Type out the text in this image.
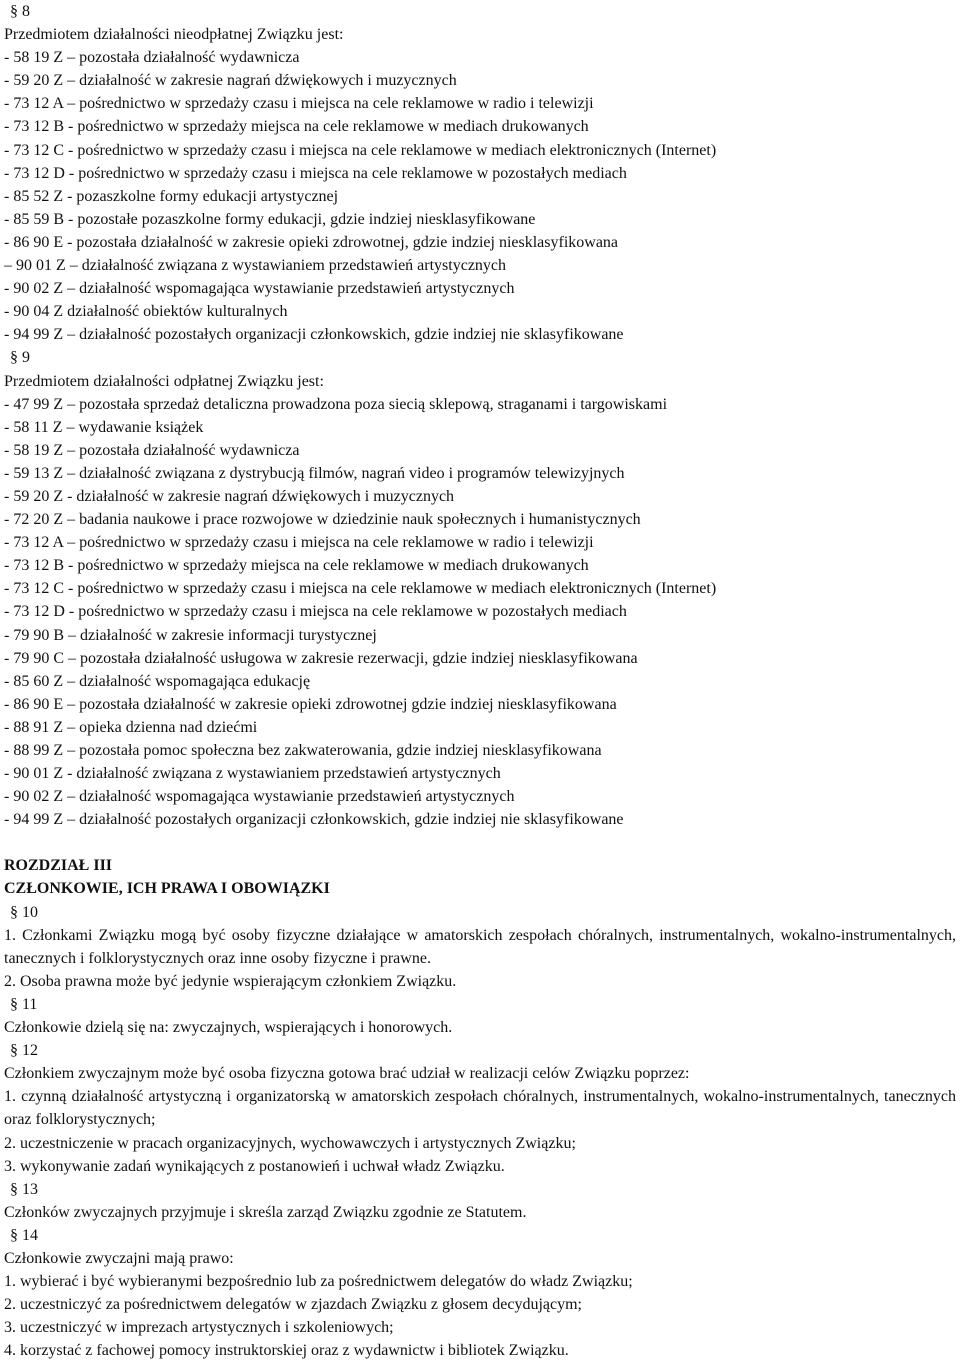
§ 8
Przedmiotem działalności nieodpłatnej Związku jest:
- 58 19 Z – pozostała działalność wydawnicza
- 59 20 Z – działalność w zakresie nagrań dźwiękowych i muzycznych
- 73 12 A – pośrednictwo w sprzedaży czasu i miejsca na cele reklamowe w radio i telewizji
- 73 12 B - pośrednictwo w sprzedaży miejsca na cele reklamowe w mediach drukowanych
- 73 12 C - pośrednictwo w sprzedaży czasu i miejsca na cele reklamowe w mediach elektronicznych (Internet)
- 73 12 D - pośrednictwo w sprzedaży czasu i miejsca na cele reklamowe w pozostałych mediach
- 85 52 Z - pozaszkolne formy edukacji artystycznej
- 85 59 B - pozostałe pozaszkolne formy edukacji, gdzie indziej niesklasyfikowane
- 86 90 E - pozostała działalność w zakresie opieki zdrowotnej, gdzie indziej niesklasyfikowana
– 90 01 Z – działalność związana z wystawianiem przedstawień artystycznych
- 90 02 Z – działalność wspomagająca wystawianie przedstawień artystycznych
- 90 04 Z działalność obiektów kulturalnych
- 94 99 Z – działalność pozostałych organizacji członkowskich, gdzie indziej nie sklasyfikowane
§ 9
Przedmiotem działalności odpłatnej Związku jest:
- 47 99 Z – pozostała sprzedaż detaliczna prowadzona poza siecią sklepową, straganami i targowiskami
- 58 11 Z – wydawanie książek
- 58 19 Z – pozostała działalność wydawnicza
- 59 13 Z – działalność związana z dystrybucją filmów, nagrań video i programów telewizyjnych
- 59 20 Z - działalność w zakresie nagrań dźwiękowych i muzycznych
- 72 20 Z – badania naukowe i prace rozwojowe w dziedzinie nauk społecznych i humanistycznych
- 73 12 A – pośrednictwo w sprzedaży czasu i miejsca na cele reklamowe w radio i telewizji
- 73 12 B - pośrednictwo w sprzedaży miejsca na cele reklamowe w mediach drukowanych
- 73 12 C - pośrednictwo w sprzedaży czasu i miejsca na cele reklamowe w mediach elektronicznych (Internet)
- 73 12 D - pośrednictwo w sprzedaży czasu i miejsca na cele reklamowe w pozostałych mediach
- 79 90 B – działalność w zakresie informacji turystycznej
- 79 90 C – pozostała działalność usługowa w zakresie rezerwacji, gdzie indziej niesklasyfikowana
- 85 60 Z – działalność wspomagająca edukację
- 86 90 E – pozostała działalność w zakresie opieki zdrowotnej gdzie indziej niesklasyfikowana
- 88 91 Z – opieka dzienna nad dziećmi
- 88 99 Z – pozostała pomoc społeczna bez zakwaterowania, gdzie indziej niesklasyfikowana
- 90 01 Z - działalność związana z wystawianiem przedstawień artystycznych
- 90 02 Z – działalność wspomagająca wystawianie przedstawień artystycznych
- 94 99 Z – działalność pozostałych organizacji członkowskich, gdzie indziej nie sklasyfikowane
ROZDZIAŁ III
CZŁONKOWIE, ICH PRAWA I OBOWIĄZKI
§ 10
1. Członkami Związku mogą być osoby fizyczne działające w amatorskich zespołach chóralnych, instrumentalnych, wokalno-instrumentalnych, tanecznych i folklorystycznych oraz inne osoby fizyczne i prawne.
2. Osoba prawna może być jedynie wspierającym członkiem Związku.
§ 11
Członkowie dzielą się na: zwyczajnych, wspierających i honorowych.
§ 12
Członkiem zwyczajnym może być osoba fizyczna gotowa brać udział w realizacji celów Związku poprzez:
1. czynną działalność artystyczną i organizatorską w amatorskich zespołach chóralnych, instrumentalnych, wokalno-instrumentalnych, tanecznych oraz folklorystycznych;
2. uczestniczenie w pracach organizacyjnych, wychowawczych i artystycznych Związku;
3. wykonywanie zadań wynikających z postanowień i uchwał władz Związku.
§ 13
Członków zwyczajnych przyjmuje i skreśla zarząd Związku zgodnie ze Statutem.
§ 14
Członkowie zwyczajni mają prawo:
1. wybierać i być wybieranymi bezpośrednio lub za pośrednictwem delegatów do władz Związku;
2. uczestniczyć za pośrednictwem delegatów w zjazdach Związku z głosem decydującym;
3. uczestniczyć w imprezach artystycznych i szkoleniowych;
4. korzystać z fachowej pomocy instruktorskiej oraz z wydawnictw i bibliotek Związku.
